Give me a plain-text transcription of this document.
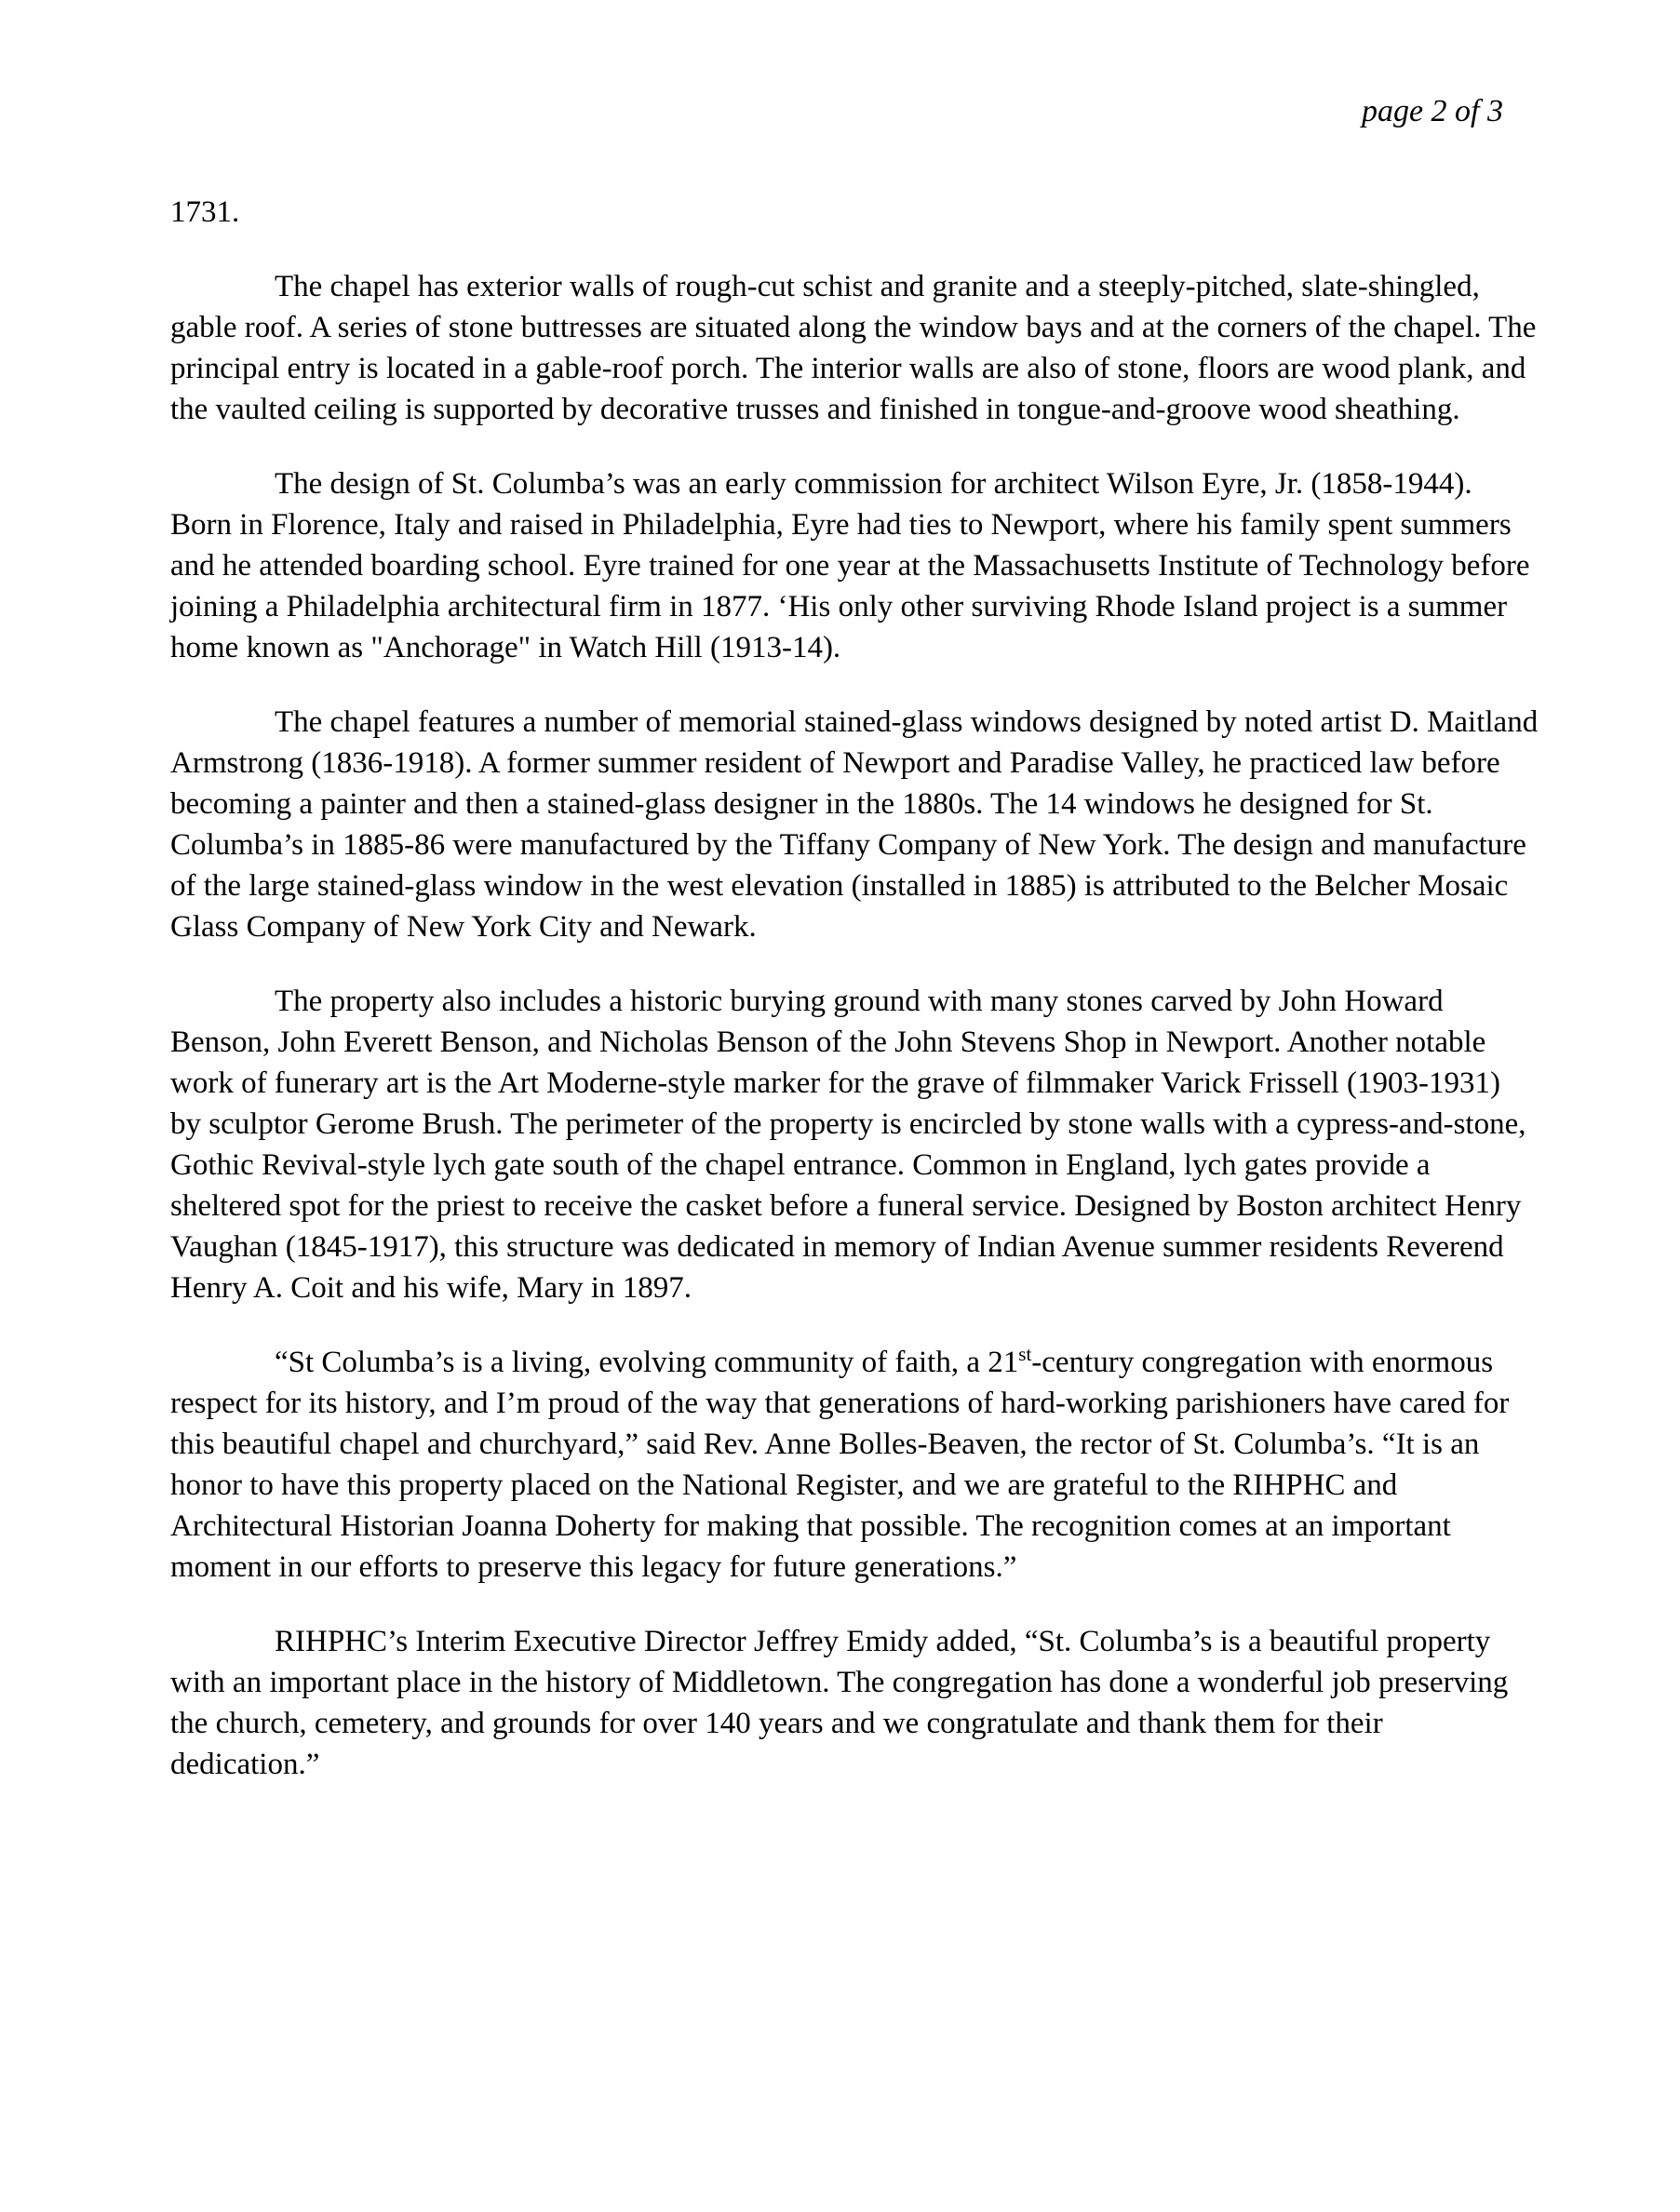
page 2 of 3

1731.

The chapel has exterior walls of rough-cut schist and granite and a steeply-pitched, slate-shingled, gable roof. A series of stone buttresses are situated along the window bays and at the corners of the chapel. The principal entry is located in a gable-roof porch. The interior walls are also of stone, floors are wood plank, and the vaulted ceiling is supported by decorative trusses and finished in tongue-and-groove wood sheathing.

The design of St. Columba’s was an early commission for architect Wilson Eyre, Jr. (1858-1944). Born in Florence, Italy and raised in Philadelphia, Eyre had ties to Newport, where his family spent summers and he attended boarding school. Eyre trained for one year at the Massachusetts Institute of Technology before joining a Philadelphia architectural firm in 1877. ‘His only other surviving Rhode Island project is a summer home known as "Anchorage" in Watch Hill (1913-14).

The chapel features a number of memorial stained-glass windows designed by noted artist D. Maitland Armstrong (1836-1918). A former summer resident of Newport and Paradise Valley, he practiced law before becoming a painter and then a stained-glass designer in the 1880s. The 14 windows he designed for St. Columba’s in 1885-86 were manufactured by the Tiffany Company of New York. The design and manufacture of the large stained-glass window in the west elevation (installed in 1885) is attributed to the Belcher Mosaic Glass Company of New York City and Newark.

The property also includes a historic burying ground with many stones carved by John Howard Benson, John Everett Benson, and Nicholas Benson of the John Stevens Shop in Newport. Another notable work of funerary art is the Art Moderne-style marker for the grave of filmmaker Varick Frissell (1903-1931) by sculptor Gerome Brush. The perimeter of the property is encircled by stone walls with a cypress-and-stone, Gothic Revival-style lych gate south of the chapel entrance. Common in England, lych gates provide a sheltered spot for the priest to receive the casket before a funeral service. Designed by Boston architect Henry Vaughan (1845-1917), this structure was dedicated in memory of Indian Avenue summer residents Reverend Henry A. Coit and his wife, Mary in 1897.

“St Columba’s is a living, evolving community of faith, a 21st-century congregation with enormous respect for its history, and I’m proud of the way that generations of hard-working parishioners have cared for this beautiful chapel and churchyard,” said Rev. Anne Bolles-Beaven, the rector of St. Columba’s. “It is an honor to have this property placed on the National Register, and we are grateful to the RIHPHC and Architectural Historian Joanna Doherty for making that possible. The recognition comes at an important moment in our efforts to preserve this legacy for future generations.”

RIHPHC’s Interim Executive Director Jeffrey Emidy added, “St. Columba’s is a beautiful property with an important place in the history of Middletown. The congregation has done a wonderful job preserving the church, cemetery, and grounds for over 140 years and we congratulate and thank them for their dedication.”
